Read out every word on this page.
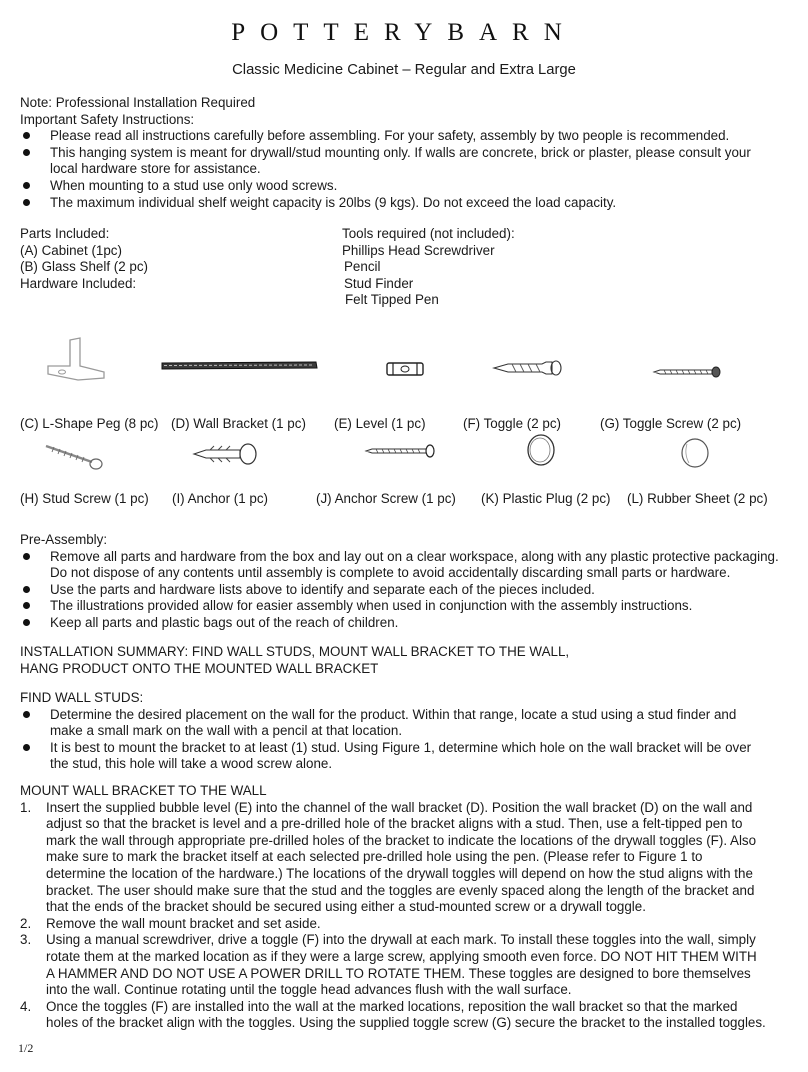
POTTERYBARN
Classic Medicine Cabinet – Regular and Extra Large
Note: Professional Installation Required
Important Safety Instructions:
Please read all instructions carefully before assembling. For your safety, assembly by two people is recommended.
This hanging system is meant for drywall/stud mounting only. If walls are concrete, brick or plaster, please consult your
local hardware store for assistance.
When mounting to a stud use only wood screws.
The maximum individual shelf weight capacity is 20lbs (9 kgs). Do not exceed the load capacity.
Parts Included:
(A) Cabinet (1pc)
(B) Glass Shelf (2 pc)
Hardware Included:
Tools required (not included):
Phillips Head Screwdriver
Pencil
Stud Finder
Felt Tipped Pen
(C) L-Shape Peg (8 pc) (D) Wall Bracket (1 pc) (E) Level (1 pc)	(F) Toggle (2 pc)	(G) Toggle Screw (2 pc)
(H) Stud Screw (1 pc) (I) Anchor (1 pc)	(J) Anchor Screw (1 pc) (K) Plastic Plug (2 pc) (L) Rubber Sheet (2 pc)
Pre-Assembly:
Remove all parts and hardware from the box and lay out on a clear workspace, along with any plastic protective packaging.
Do not dispose of any contents until assembly is complete to avoid accidentally discarding small parts or hardware.
Use the parts and hardware lists above to identify and separate each of the pieces included.
The illustrations provided allow for easier assembly when used in conjunction with the assembly instructions.
Keep all parts and plastic bags out of the reach of children.
INSTALLATION SUMMARY: FIND WALL STUDS, MOUNT WALL BRACKET TO THE WALL,
HANG PRODUCT ONTO THE MOUNTED WALL BRACKET
FIND WALL STUDS:
Determine the desired placement on the wall for the product. Within that range, locate a stud using a stud finder and
make a small mark on the wall with a pencil at that location.
It is best to mount the bracket to at least (1) stud. Using Figure 1, determine which hole on the wall bracket will be over
the stud, this hole will take a wood screw alone.
MOUNT WALL BRACKET TO THE WALL
1. Insert the supplied bubble level (E) into the channel of the wall bracket (D). Position the wall bracket (D) on the wall and
adjust so that the bracket is level and a pre-drilled hole of the bracket aligns with a stud. Then, use a felt-tipped pen to
mark the wall through appropriate pre-drilled holes of the bracket to indicate the locations of the drywall toggles (F). Also
make sure to mark the bracket itself at each selected pre-drilled hole using the pen. (Please refer to Figure 1 to
determine the location of the hardware.) The locations of the drywall toggles will depend on how the stud aligns with the
bracket. The user should make sure that the stud and the toggles are evenly spaced along the length of the bracket and
that the ends of the bracket should be secured using either a stud-mounted screw or a drywall toggle.
2. Remove the wall mount bracket and set aside.
3. Using a manual screwdriver, drive a toggle (F) into the drywall at each mark. To install these toggles into the wall, simply
rotate them at the marked location as if they were a large screw, applying smooth even force. DO NOT HIT THEM WITH
A HAMMER AND DO NOT USE A POWER DRILL TO ROTATE THEM. These toggles are designed to bore themselves
into the wall. Continue rotating until the toggle head advances flush with the wall surface.
4. Once the toggles (F) are installed into the wall at the marked locations, reposition the wall bracket so that the marked
holes of the bracket align with the toggles. Using the supplied toggle screw (G) secure the bracket to the installed toggles.
1/2
